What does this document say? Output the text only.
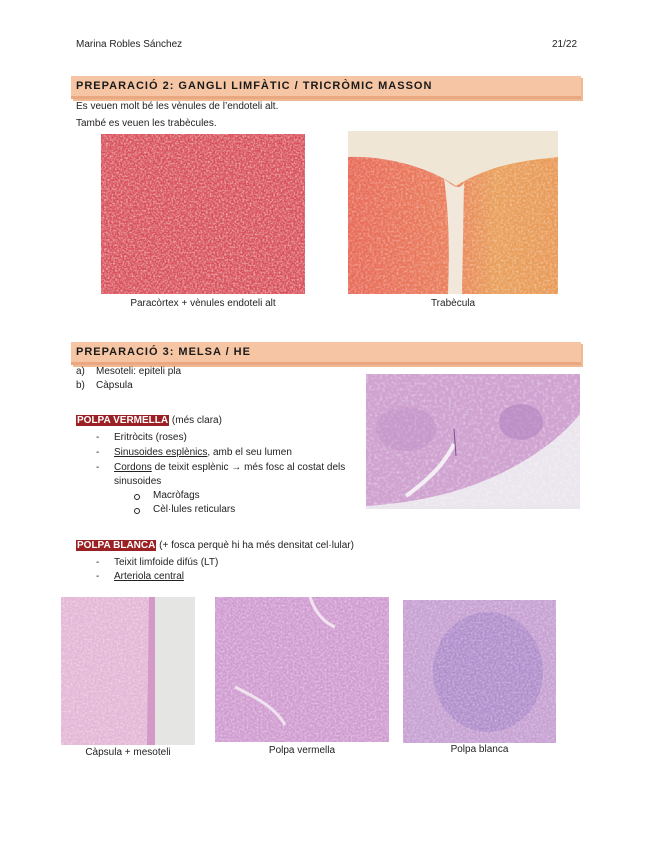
Marina Robles Sánchez	21/22
PREPARACIÓ 2: GANGLI LIMFÀTIC / TRICRÒMIC MASSON
Es veuen molt bé les vènules de l’endoteli alt.
També es veuen les trabècules.
Paracòrtex + vènules endoteli alt	Trabècula
PREPARACIÓ 3: MELSA / HE
a) Mesoteli: epiteli pla
b) Càpsula
POLPA VERMELLA (més clara)
- Eritròcits (roses)
- Sinusoides esplènics, amb el seu lumen
- Cordons de teixit esplènic → més fosc al costat dels
sinusoides
Macròfags
Cèl·lules reticulars
POLPA BLANCA (+ fosca perquè hi ha més densitat cel·lular)
- Teixit limfoide difús (LT)
- Arteriola central
Càpsula + mesoteli	Polpa vermella	Polpa blanca
